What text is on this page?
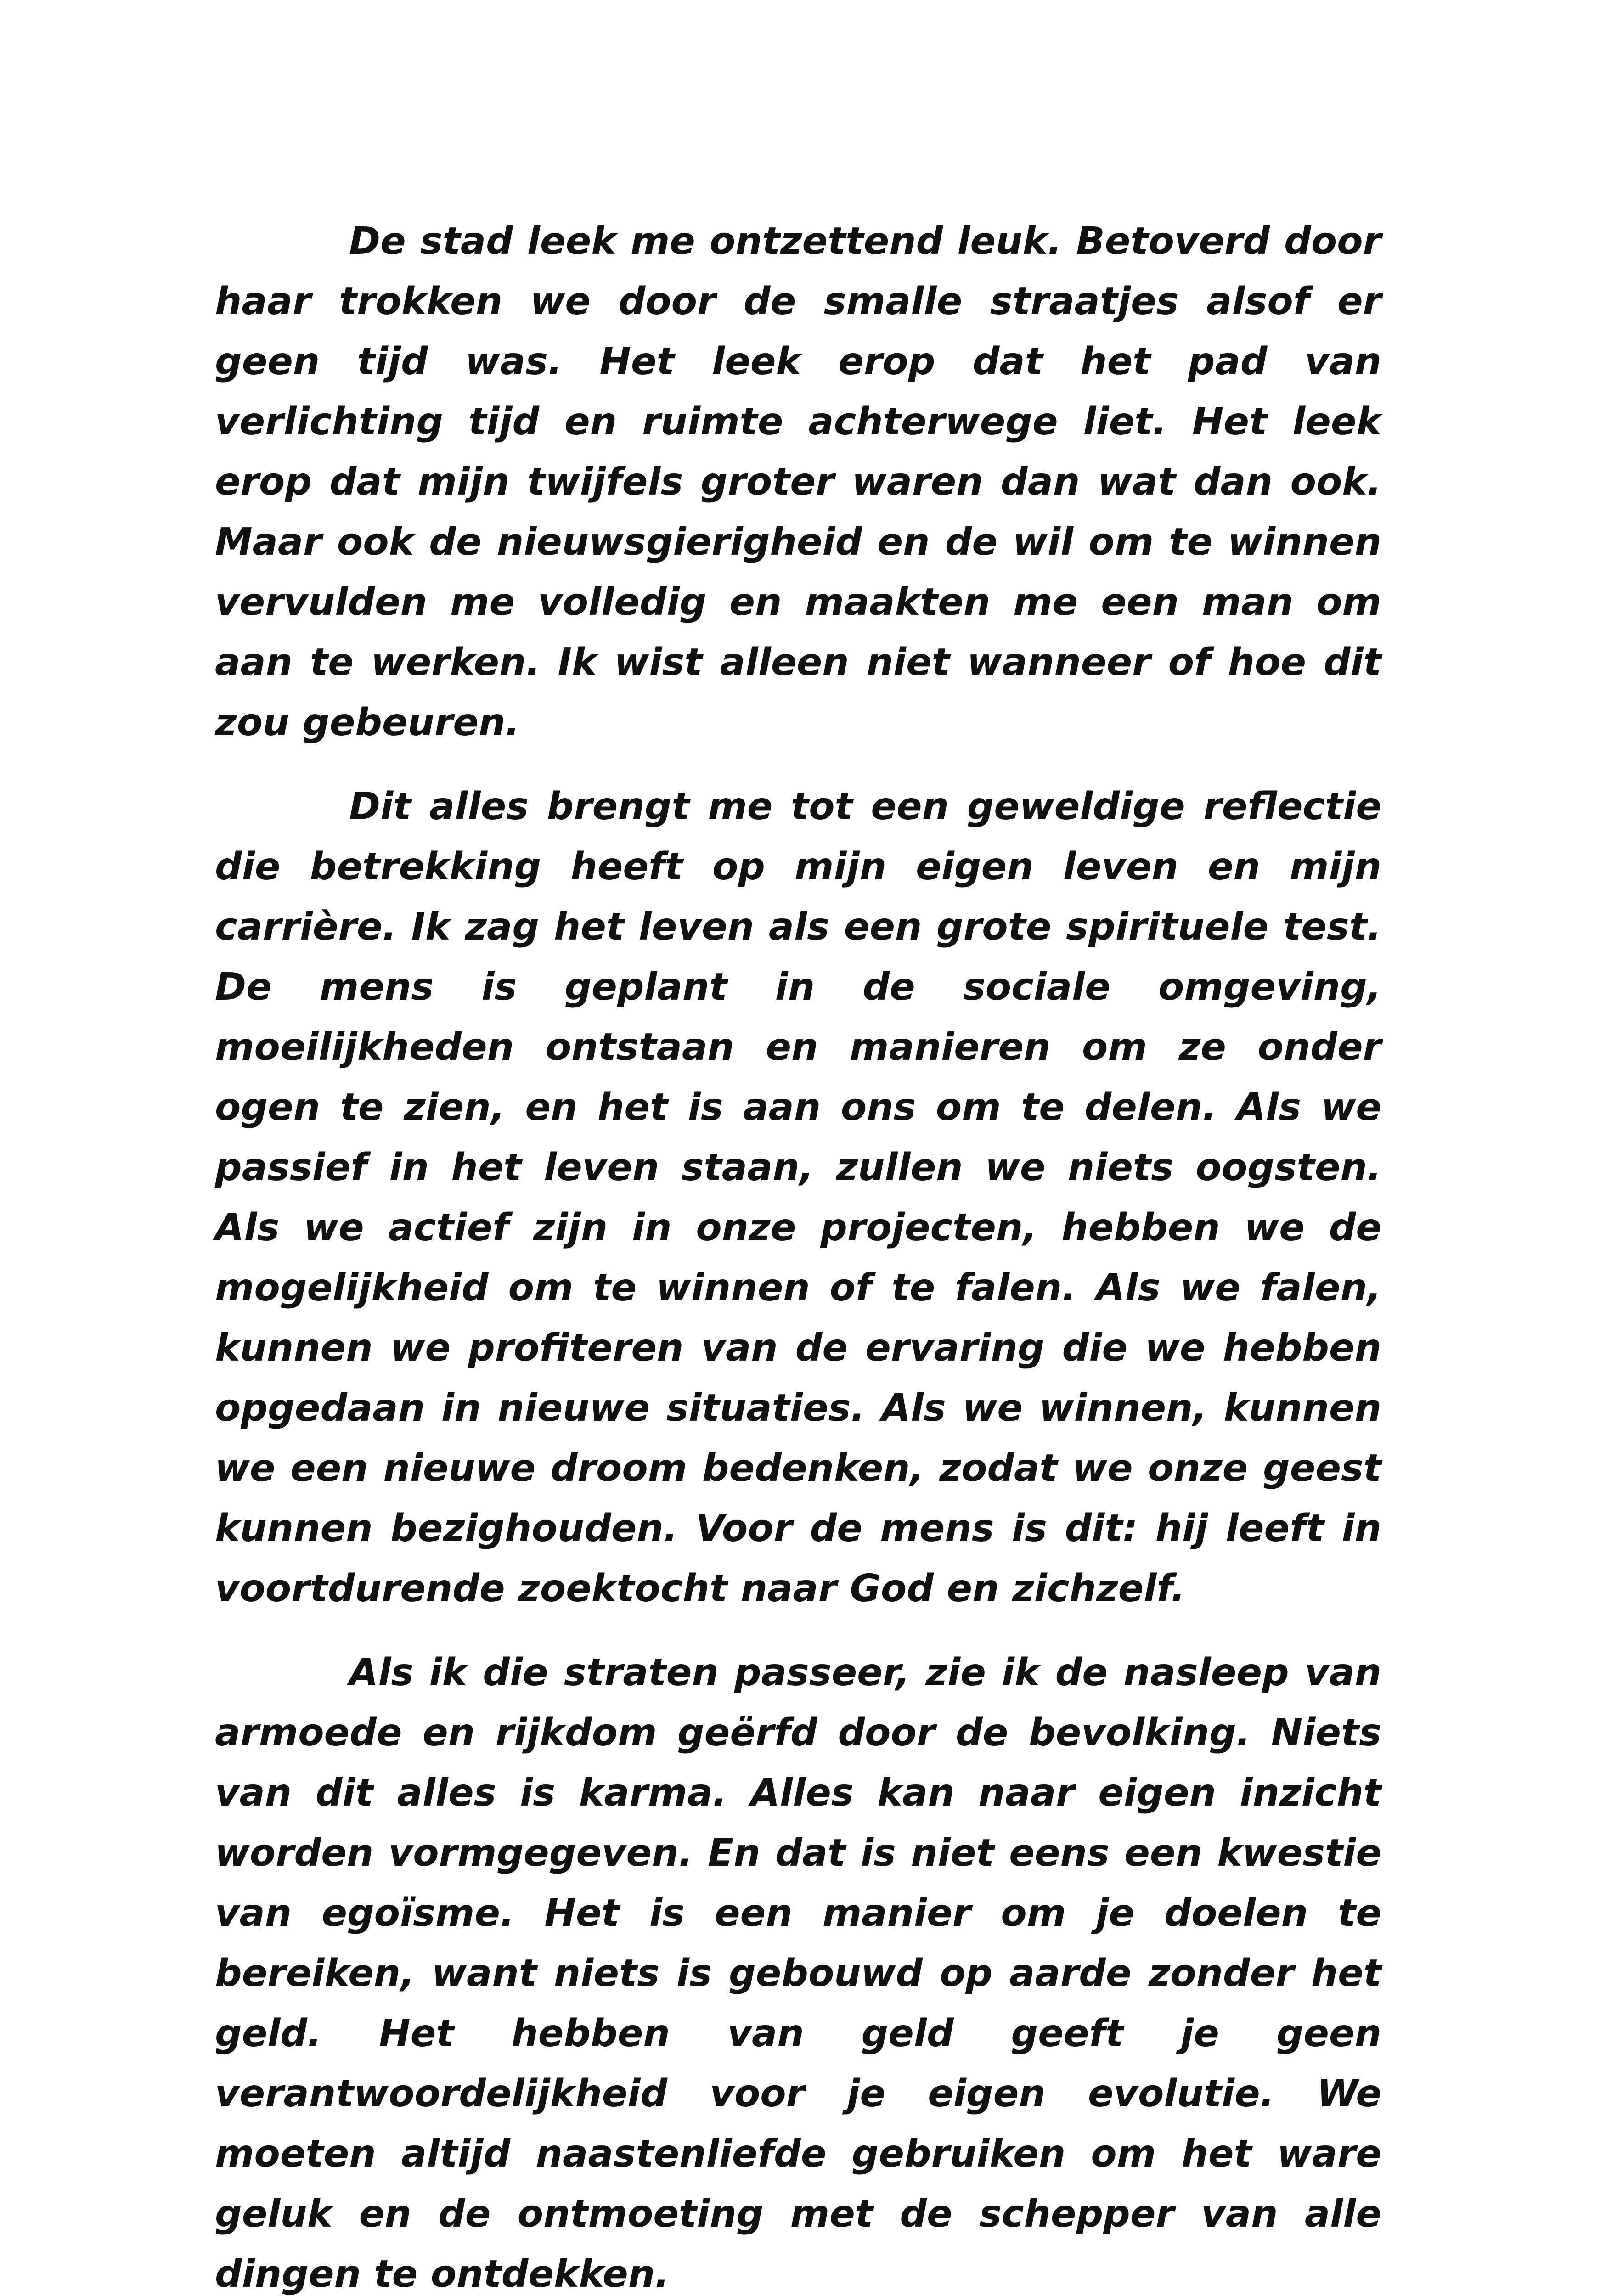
De stad leek me ontzettend leuk. Betoverd door haar trokken we door de smalle straatjes alsof er geen tijd was. Het leek erop dat het pad van verlichting tijd en ruimte achterwege liet. Het leek erop dat mijn twijfels groter waren dan wat dan ook. Maar ook de nieuwsgierigheid en de wil om te winnen vervulden me volledig en maakten me een man om aan te werken. Ik wist alleen niet wanneer of hoe dit zou gebeuren.

Dit alles brengt me tot een geweldige reflectie die betrekking heeft op mijn eigen leven en mijn carrière. Ik zag het leven als een grote spirituele test. De mens is geplant in de sociale omgeving, moeilijkheden ontstaan en manieren om ze onder ogen te zien, en het is aan ons om te delen. Als we passief in het leven staan, zullen we niets oogsten. Als we actief zijn in onze projecten, hebben we de mogelijkheid om te winnen of te falen. Als we falen, kunnen we profiteren van de ervaring die we hebben opgedaan in nieuwe situaties. Als we winnen, kunnen we een nieuwe droom bedenken, zodat we onze geest kunnen bezighouden. Voor de mens is dit: hij leeft in voortdurende zoektocht naar God en zichzelf.

Als ik die straten passeer, zie ik de nasleep van armoede en rijkdom geërfd door de bevolking. Niets van dit alles is karma. Alles kan naar eigen inzicht worden vormgegeven. En dat is niet eens een kwestie van egoïsme. Het is een manier om je doelen te bereiken, want niets is gebouwd op aarde zonder het geld. Het hebben van geld geeft je geen verantwoordelijkheid voor je eigen evolutie. We moeten altijd naastenliefde gebruiken om het ware geluk en de ontmoeting met de schepper van alle dingen te ontdekken.
